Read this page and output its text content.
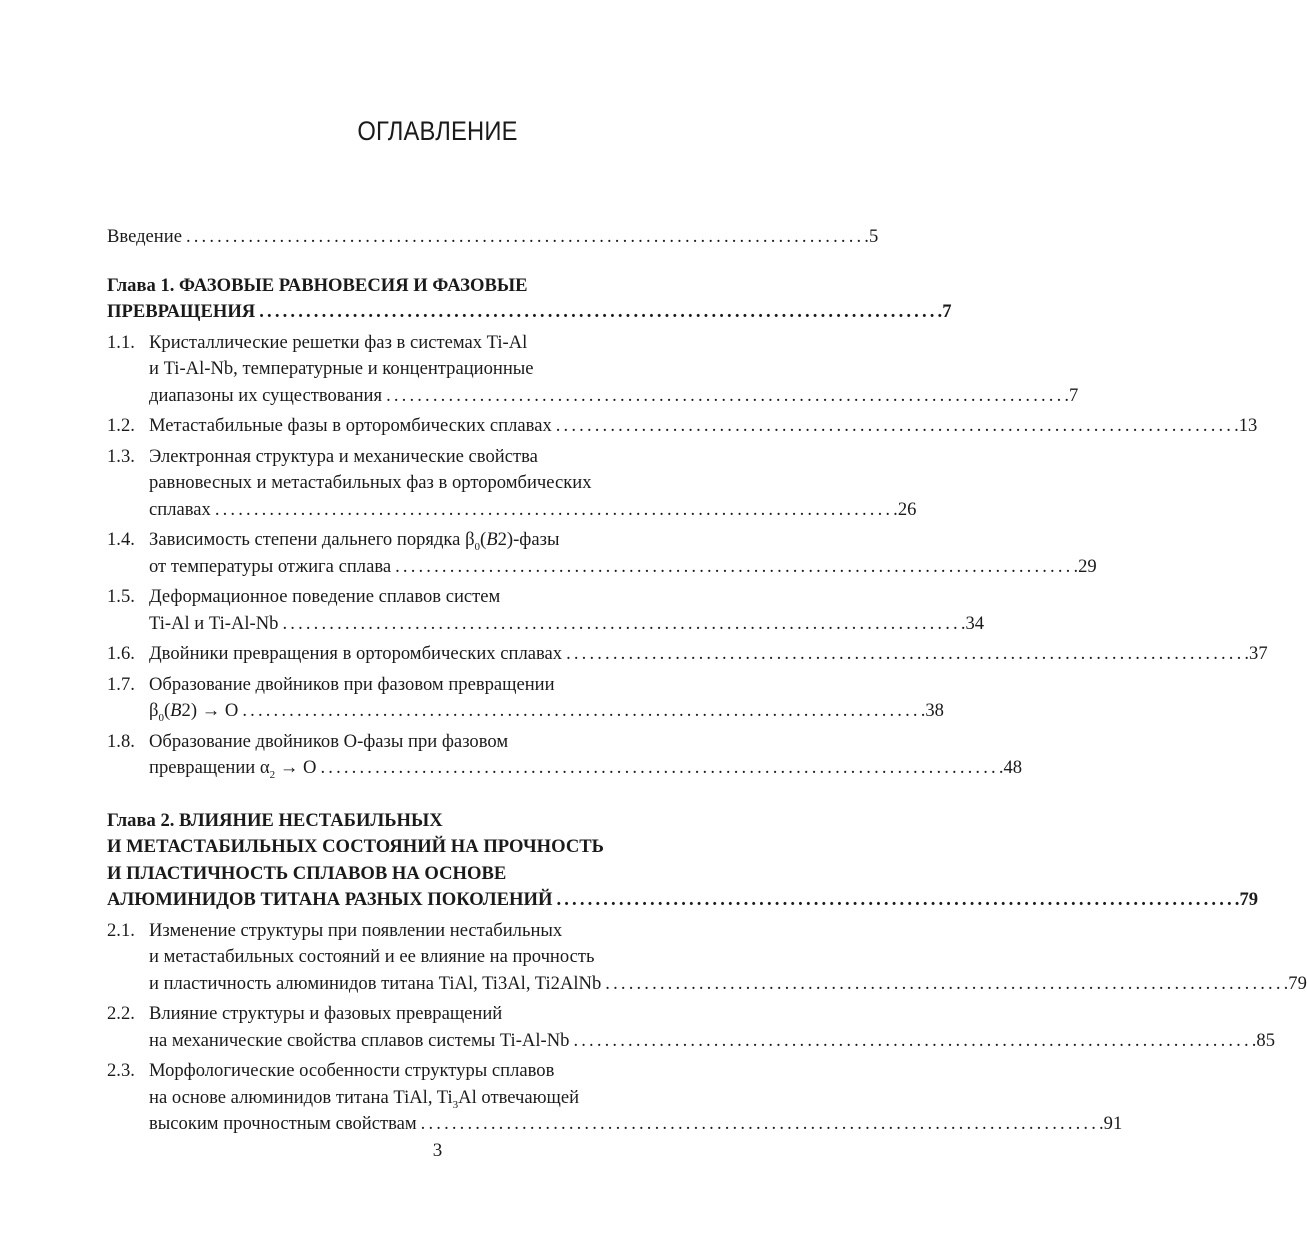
ОГЛАВЛЕНИЕ
Введение . . .	5
Глава 1. ФАЗОВЫЕ РАВНОВЕСИЯ И ФАЗОВЫЕ
ПРЕВРАЩЕНИЯ . . .	7
1.1. Кристаллические решетки фаз в системах Ti-Al
и Ti-Al-Nb, температурные и концентрационные
диапазоны их существования . . .	7
1.2. Метастабильные фазы в орторомбических сплавах . . .	13
1.3. Электронная структура и механические свойства
равновесных и метастабильных фаз в орторомбических
сплавах . . .	26
1.4. Зависимость степени дальнего порядка $\beta_0(B2)$-фазы
от температуры отжига сплава . . .	29
1.5. Деформационное поведение сплавов систем
Ti-Al и Ti-Al-Nb . . .	34
1.6. Двойники превращения в орторомбических сплавах . . .	37
1.7. Образование двойников при фазовом превращении
$\beta_0(B2) \to O$ . . .	38
1.8. Образование двойников O-фазы при фазовом
превращении $\alpha_2 \to O$ . . .	48
Глава 2. ВЛИЯНИЕ НЕСТАБИЛЬНЫХ
И МЕТАСТАБИЛЬНЫХ СОСТОЯНИЙ НА ПРОЧНОСТЬ
И ПЛАСТИЧНОСТЬ СПЛАВОВ НА ОСНОВЕ
АЛЮМИНИДОВ ТИТАНА РАЗНЫХ ПОКОЛЕНИЙ . . .	79
2.1. Изменение структуры при появлении нестабильных
и метастабильных состояний и ее влияние на прочность
и пластичность алюминидов титана TiAl, Ti3Al, Ti2AlNb . . .	79
2.2. Влияние структуры и фазовых превращений
на механические свойства сплавов системы Ti-Al-Nb . . .	85
2.3. Морфологические особенности структуры сплавов
на основе алюминидов титана TiAl, $Ti_3Al$ отвечающей
высоким прочностным свойствам . . .	91
3
